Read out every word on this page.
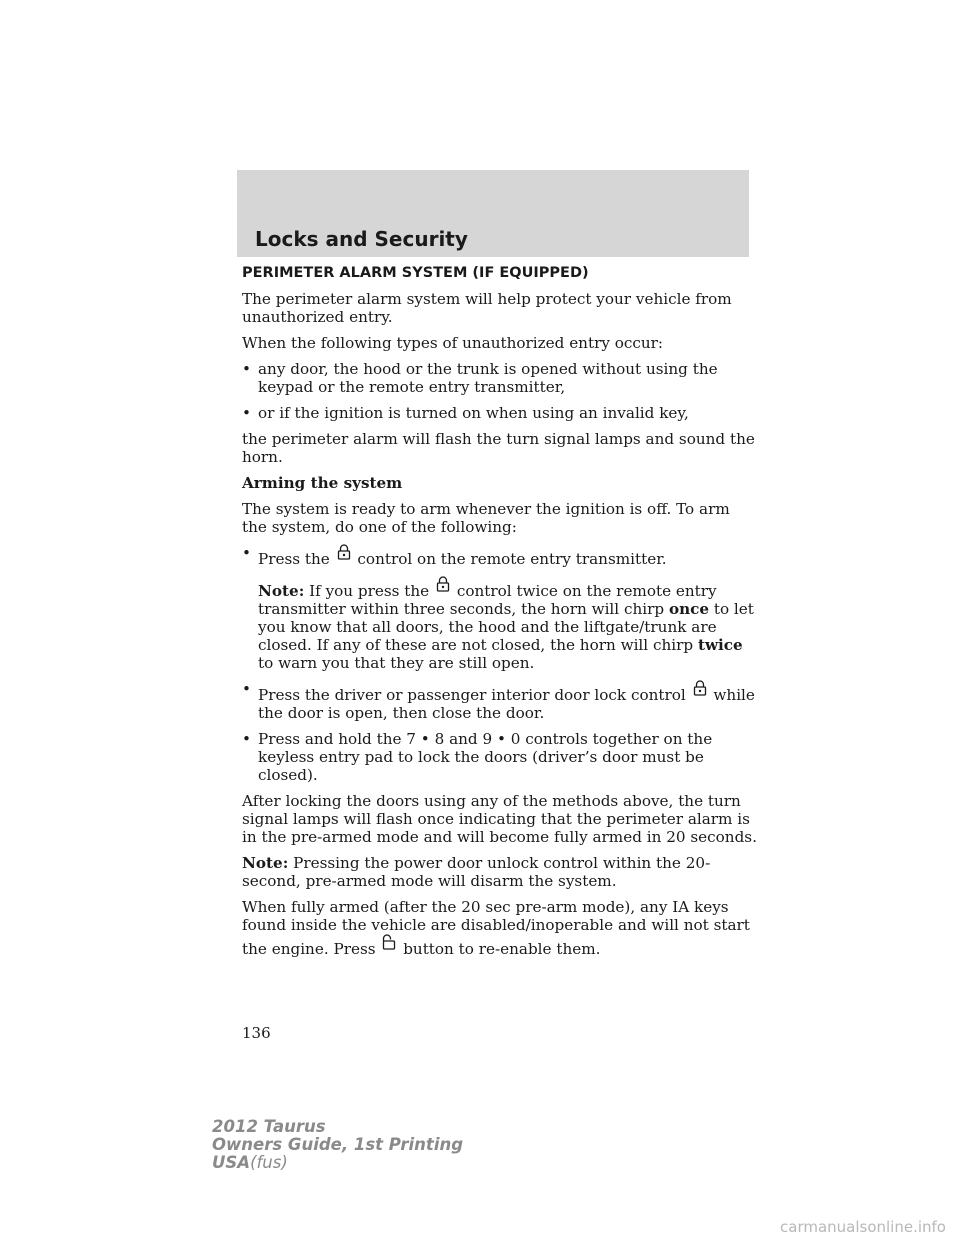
Locks and Security

PERIMETER ALARM SYSTEM (IF EQUIPPED)

The perimeter alarm system will help protect your vehicle from unauthorized entry.

When the following types of unauthorized entry occur:

• any door, the hood or the trunk is opened without using the keypad or the remote entry transmitter,
• or if the ignition is turned on when using an invalid key,

the perimeter alarm will flash the turn signal lamps and sound the horn.

Arming the system

The system is ready to arm whenever the ignition is off. To arm the system, do one of the following:

• Press the control on the remote entry transmitter.
Note: If you press the control twice on the remote entry transmitter within three seconds, the horn will chirp once to let you know that all doors, the hood and the liftgate/trunk are closed. If any of these are not closed, the horn will chirp twice to warn you that they are still open.
• Press the driver or passenger interior door lock control while the door is open, then close the door.
• Press and hold the 7 • 8 and 9 • 0 controls together on the keyless entry pad to lock the doors (driver’s door must be closed).

After locking the doors using any of the methods above, the turn signal lamps will flash once indicating that the perimeter alarm is in the pre-armed mode and will become fully armed in 20 seconds.

Note: Pressing the power door unlock control within the 20-second, pre-armed mode will disarm the system.

When fully armed (after the 20 sec pre-arm mode), any IA keys found inside the vehicle are disabled/inoperable and will not start the engine. Press button to re-enable them.

136
2012 Taurus
Owners Guide, 1st Printing
USA(fus)
carmanualsonline.info
